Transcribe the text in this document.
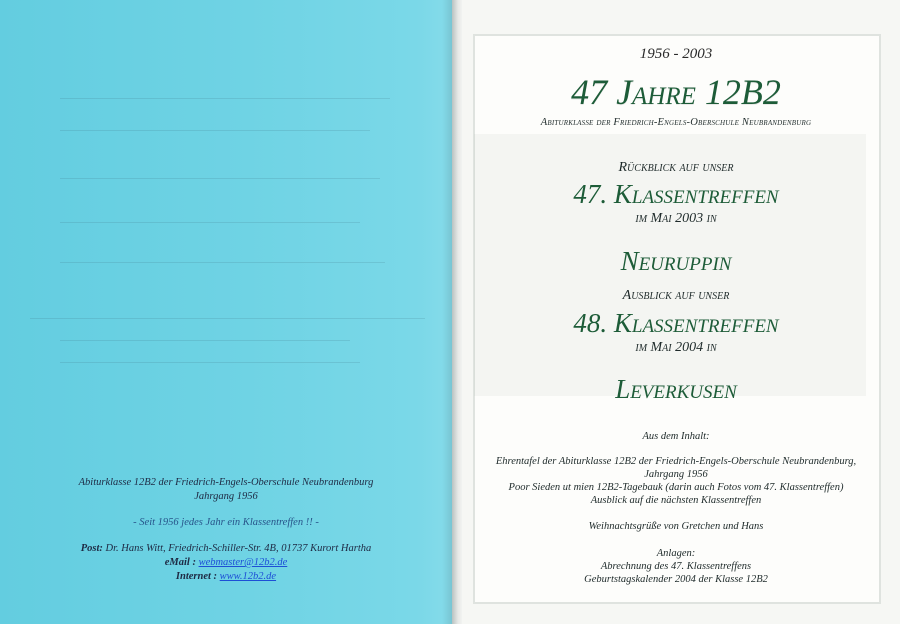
Abiturklasse 12B2 der Friedrich-Engels-Oberschule Neubrandenburg
Jahrgang 1956
- Seit 1956 jedes Jahr ein Klassentreffen !! -
Post: Dr. Hans Witt, Friedrich-Schiller-Str. 4B, 01737 Kurort Hartha
eMail : webmaster@12b2.de
Internet : www.12b2.de
1956 - 2003
47 Jahre 12B2
Abiturklasse der Friedrich-Engels-Oberschule Neubrandenburg
Rückblick auf unser
47. Klassentreffen
im Mai 2003 in
Neuruppin
Ausblick auf unser
48. Klassentreffen
im Mai 2004 in
Leverkusen
Aus dem Inhalt:
Ehrentafel der Abiturklasse 12B2 der Friedrich-Engels-Oberschule Neubrandenburg,
Jahrgang 1956
Poor Sieden ut mien 12B2-Tagebauk (darin auch Fotos vom 47. Klassentreffen)
Ausblick auf die nächsten Klassentreffen
Weihnachtsgrüße von Gretchen und Hans
Anlagen:
Abrechnung des 47. Klassentreffens
Geburtstagskalender 2004 der Klasse 12B2
